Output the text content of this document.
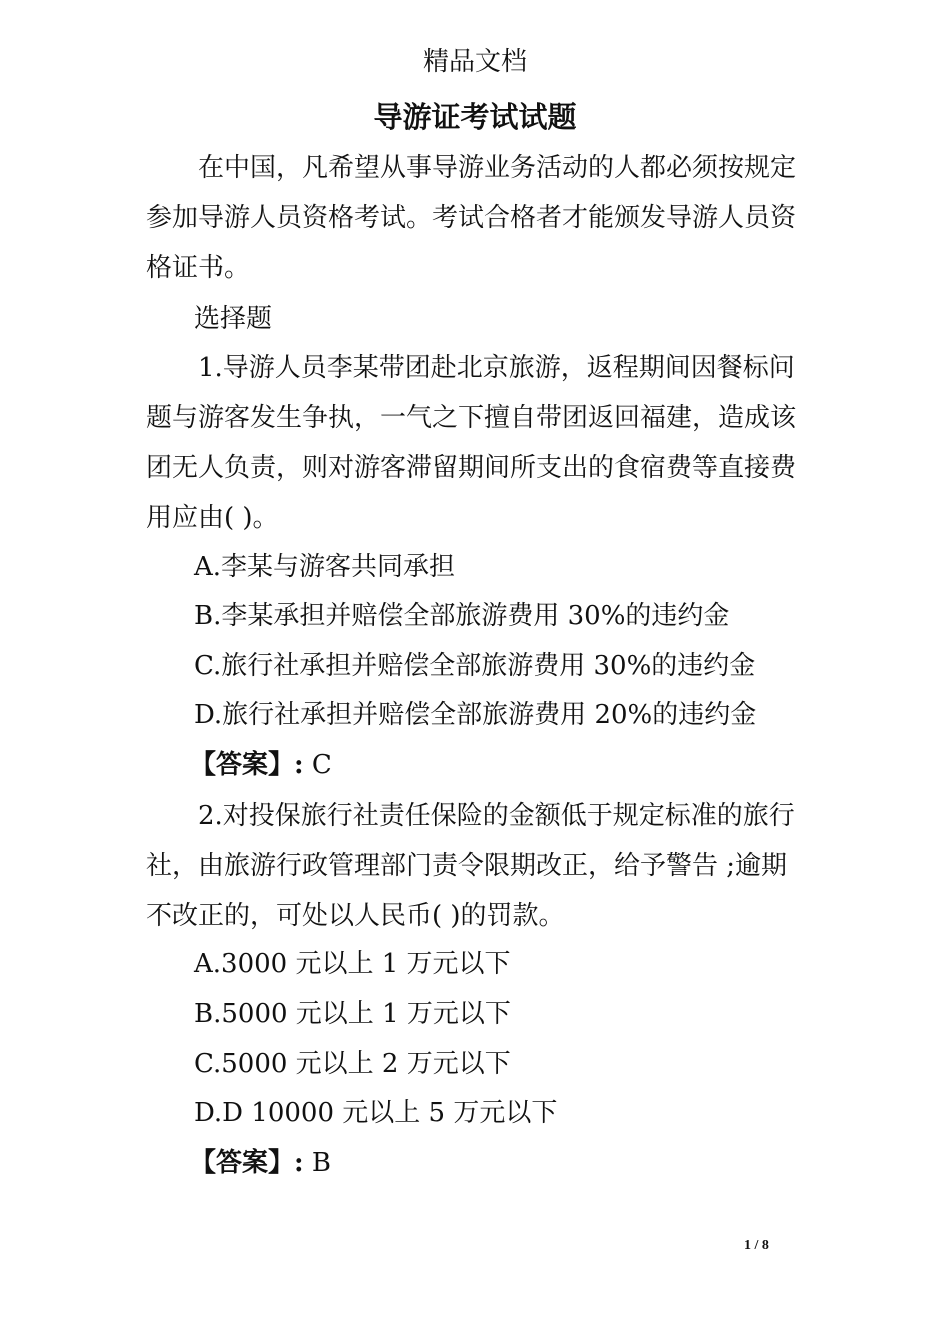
精品文档
导游证考试试题

在中国，凡希望从事导游业务活动的人都必须按规定参加导游人员资格考试。考试合格者才能颁发导游人员资格证书。

选择题

1.导游人员李某带团赴北京旅游，返程期间因餐标问题与游客发生争执，一气之下擅自带团返回福建，造成该团无人负责，则对游客滞留期间所支出的食宿费等直接费用应由( )。

A.李某与游客共同承担
B.李某承担并赔偿全部旅游费用 30%的违约金
C.旅行社承担并赔偿全部旅游费用 30%的违约金
D.旅行社承担并赔偿全部旅游费用 20%的违约金
【答案】: C

2.对投保旅行社责任保险的金额低于规定标准的旅行社，由旅游行政管理部门责令限期改正，给予警告 ;逾期不改正的，可处以人民币( )的罚款。

A.3000 元以上 1 万元以下
B.5000 元以上 1 万元以下
C.5000 元以上 2 万元以下
D.D 10000 元以上 5 万元以下
【答案】: B
1 / 8
